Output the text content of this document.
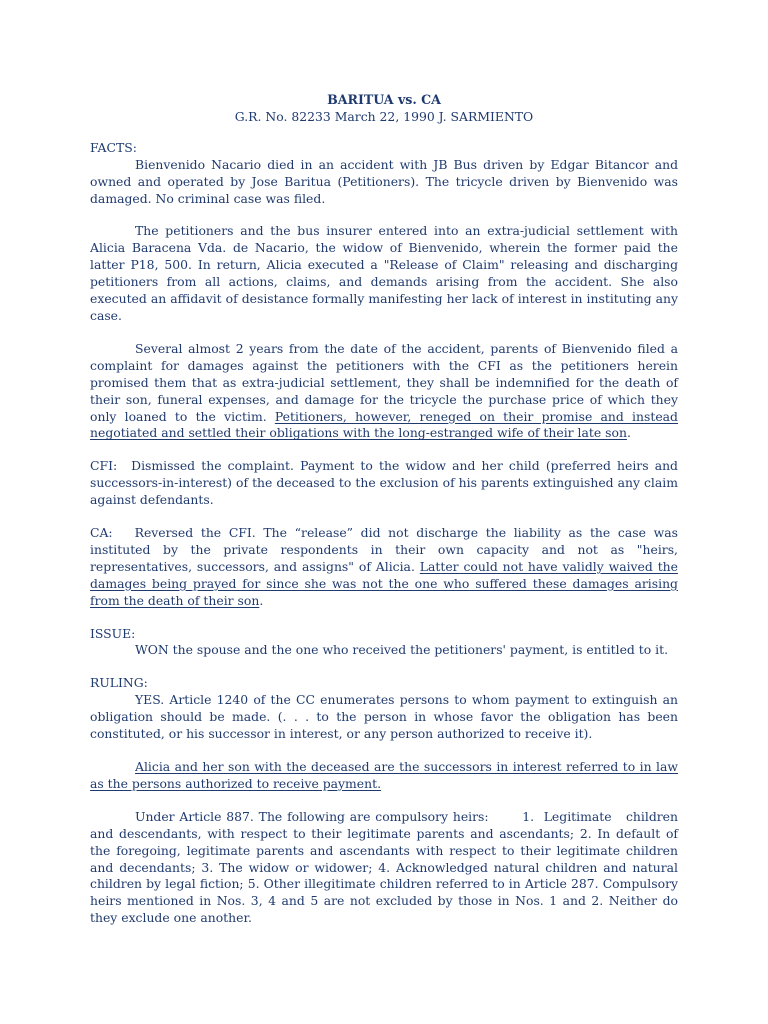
BARITUA vs. CA
G.R. No. 82233 March 22, 1990 J. SARMIENTO
FACTS:

Bienvenido Nacario died in an accident with JB Bus driven by Edgar Bitancor and owned and operated by Jose Baritua (Petitioners). The tricycle driven by Bienvenido was damaged. No criminal case was filed.

The petitioners and the bus insurer entered into an extra-judicial settlement with Alicia Baracena Vda. de Nacario, the widow of Bienvenido, wherein the former paid the latter P18, 500. In return, Alicia executed a "Release of Claim" releasing and discharging petitioners from all actions, claims, and demands arising from the accident. She also executed an affidavit of desistance formally manifesting her lack of interest in instituting any case.

Several almost 2 years from the date of the accident, parents of Bienvenido filed a complaint for damages against the petitioners with the CFI as the petitioners herein promised them that as extra-judicial settlement, they shall be indemnified for the death of their son, funeral expenses, and damage for the tricycle the purchase price of which they only loaned to the victim. Petitioners, however, reneged on their promise and instead negotiated and settled their obligations with the long-estranged wife of their late son.

CFI: Dismissed the complaint. Payment to the widow and her child (preferred heirs and successors-in-interest) of the deceased to the exclusion of his parents extinguished any claim against defendants.

CA: Reversed the CFI. The “release” did not discharge the liability as the case was instituted by the private respondents in their own capacity and not as "heirs, representatives, successors, and assigns" of Alicia. Latter could not have validly waived the damages being prayed for since she was not the one who suffered these damages arising from the death of their son.

ISSUE:

WON the spouse and the one who received the petitioners' payment, is entitled to it.

RULING:

YES. Article 1240 of the CC enumerates persons to whom payment to extinguish an obligation should be made. (. . . to the person in whose favor the obligation has been constituted, or his successor in interest, or any person authorized to receive it).

Alicia and her son with the deceased are the successors in interest referred to in law as the persons authorized to receive payment.

Under Article 887. The following are compulsory heirs:       1.  Legitimate   children   and descendants, with respect to their legitimate parents and ascendants; 2. In default of the foregoing, legitimate parents and ascendants with respect to their legitimate children and decendants; 3. The widow or widower; 4. Acknowledged natural children and natural children by legal fiction; 5. Other illegitimate children referred to in Article 287. Compulsory heirs mentioned in Nos. 3, 4 and 5 are not excluded by those in Nos. 1 and 2. Neither do they exclude one another.
